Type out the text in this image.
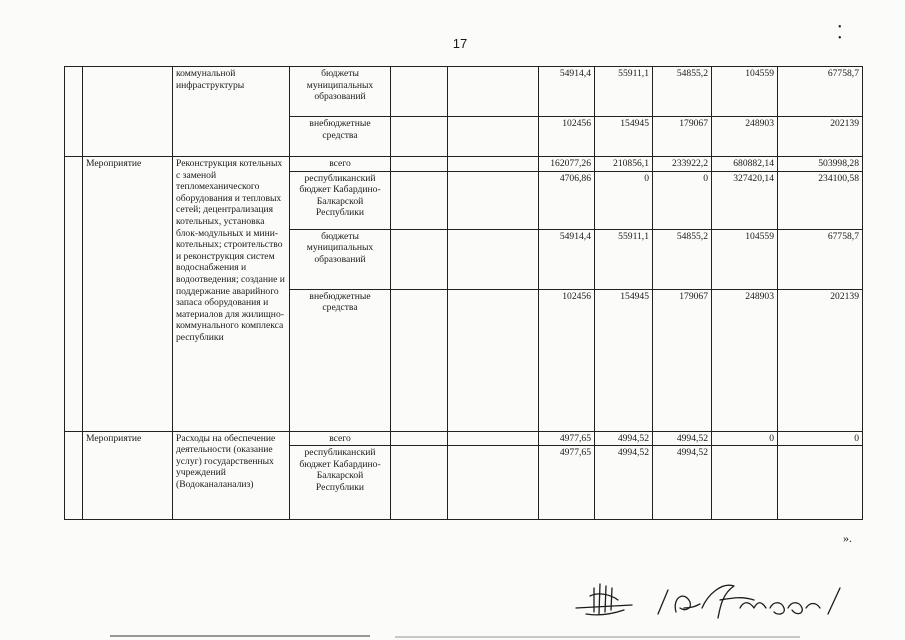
17
• •
		коммунальной инфраструктуры	бюджеты муниципальных образований			54914,4	55911,1	54855,2	104559	67758,7
			внебюджетные средства			102456	154945	179067	248903	202139
	Мероприятие	Реконструкция котельных с заменой тепломеханического оборудования и тепловых сетей; децентрализация котельных, установка блок-модульных и мини-котельных; строительство и реконструкция систем водоснабжения и водоотведения; создание и поддержание аварийного запаса оборудования и материалов для жилищно-коммунального комплекса республики	всего			162077,26	210856,1	233922,2	680882,14	503998,28
			республиканский бюджет Кабардино-Балкарской Республики			4706,86	0	0	327420,14	234100,58
			бюджеты муниципальных образований			54914,4	55911,1	54855,2	104559	67758,7
			внебюджетные средства			102456	154945	179067	248903	202139
	Мероприятие	Расходы на обеспечение деятельности (оказание услуг) государственных учреждений (Водоканаланализ)	всего			4977,65	4994,52	4994,52	0	0
			республиканский бюджет Кабардино-Балкарской Республики			4977,65	4994,52	4994,52		
».
